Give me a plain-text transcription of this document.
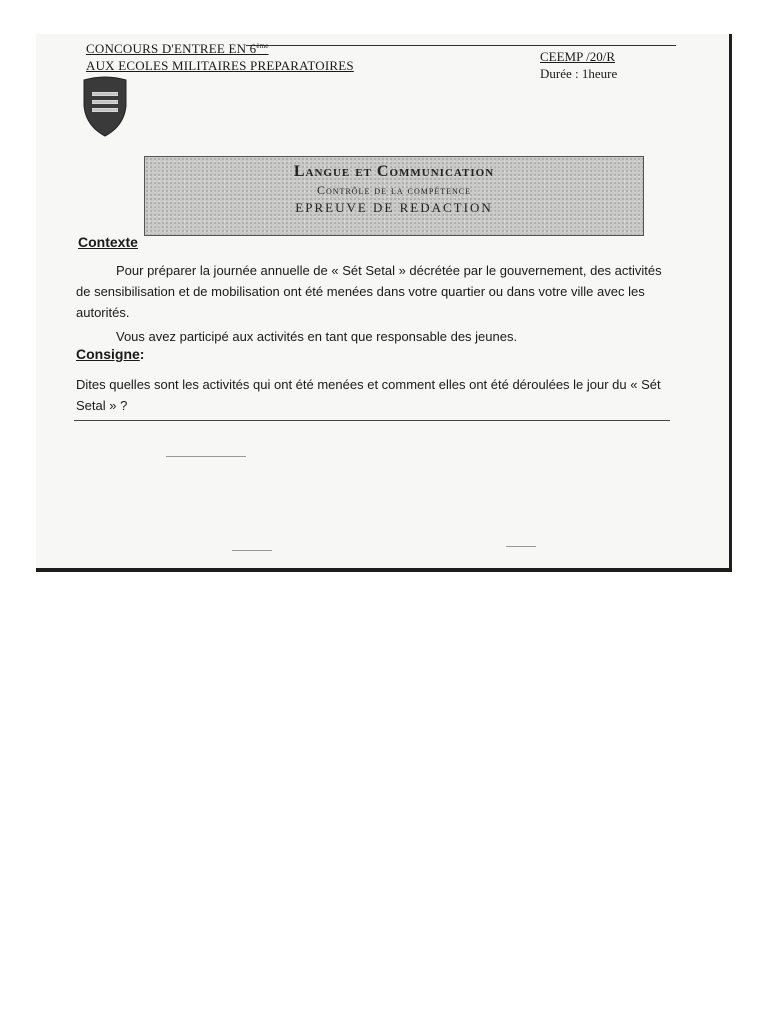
CONCOURS D'ENTREE EN 6ème
AUX ECOLES MILITAIRES PREPARATOIRES
CEEMP /20/R
Durée : 1heure
Langue et Communication
Contrôle de la compétence
EPREUVE DE REDACTION
Contexte
Pour préparer la journée annuelle de « Sét Setal » décrétée par le gouvernement, des activités de sensibilisation et de mobilisation ont été menées dans votre quartier ou dans votre ville avec les autorités.
Vous avez participé aux activités en tant que responsable des jeunes.
Consigne:
Dites quelles sont les activités qui ont été menées et comment elles ont été déroulées le jour du « Sét Setal » ?
